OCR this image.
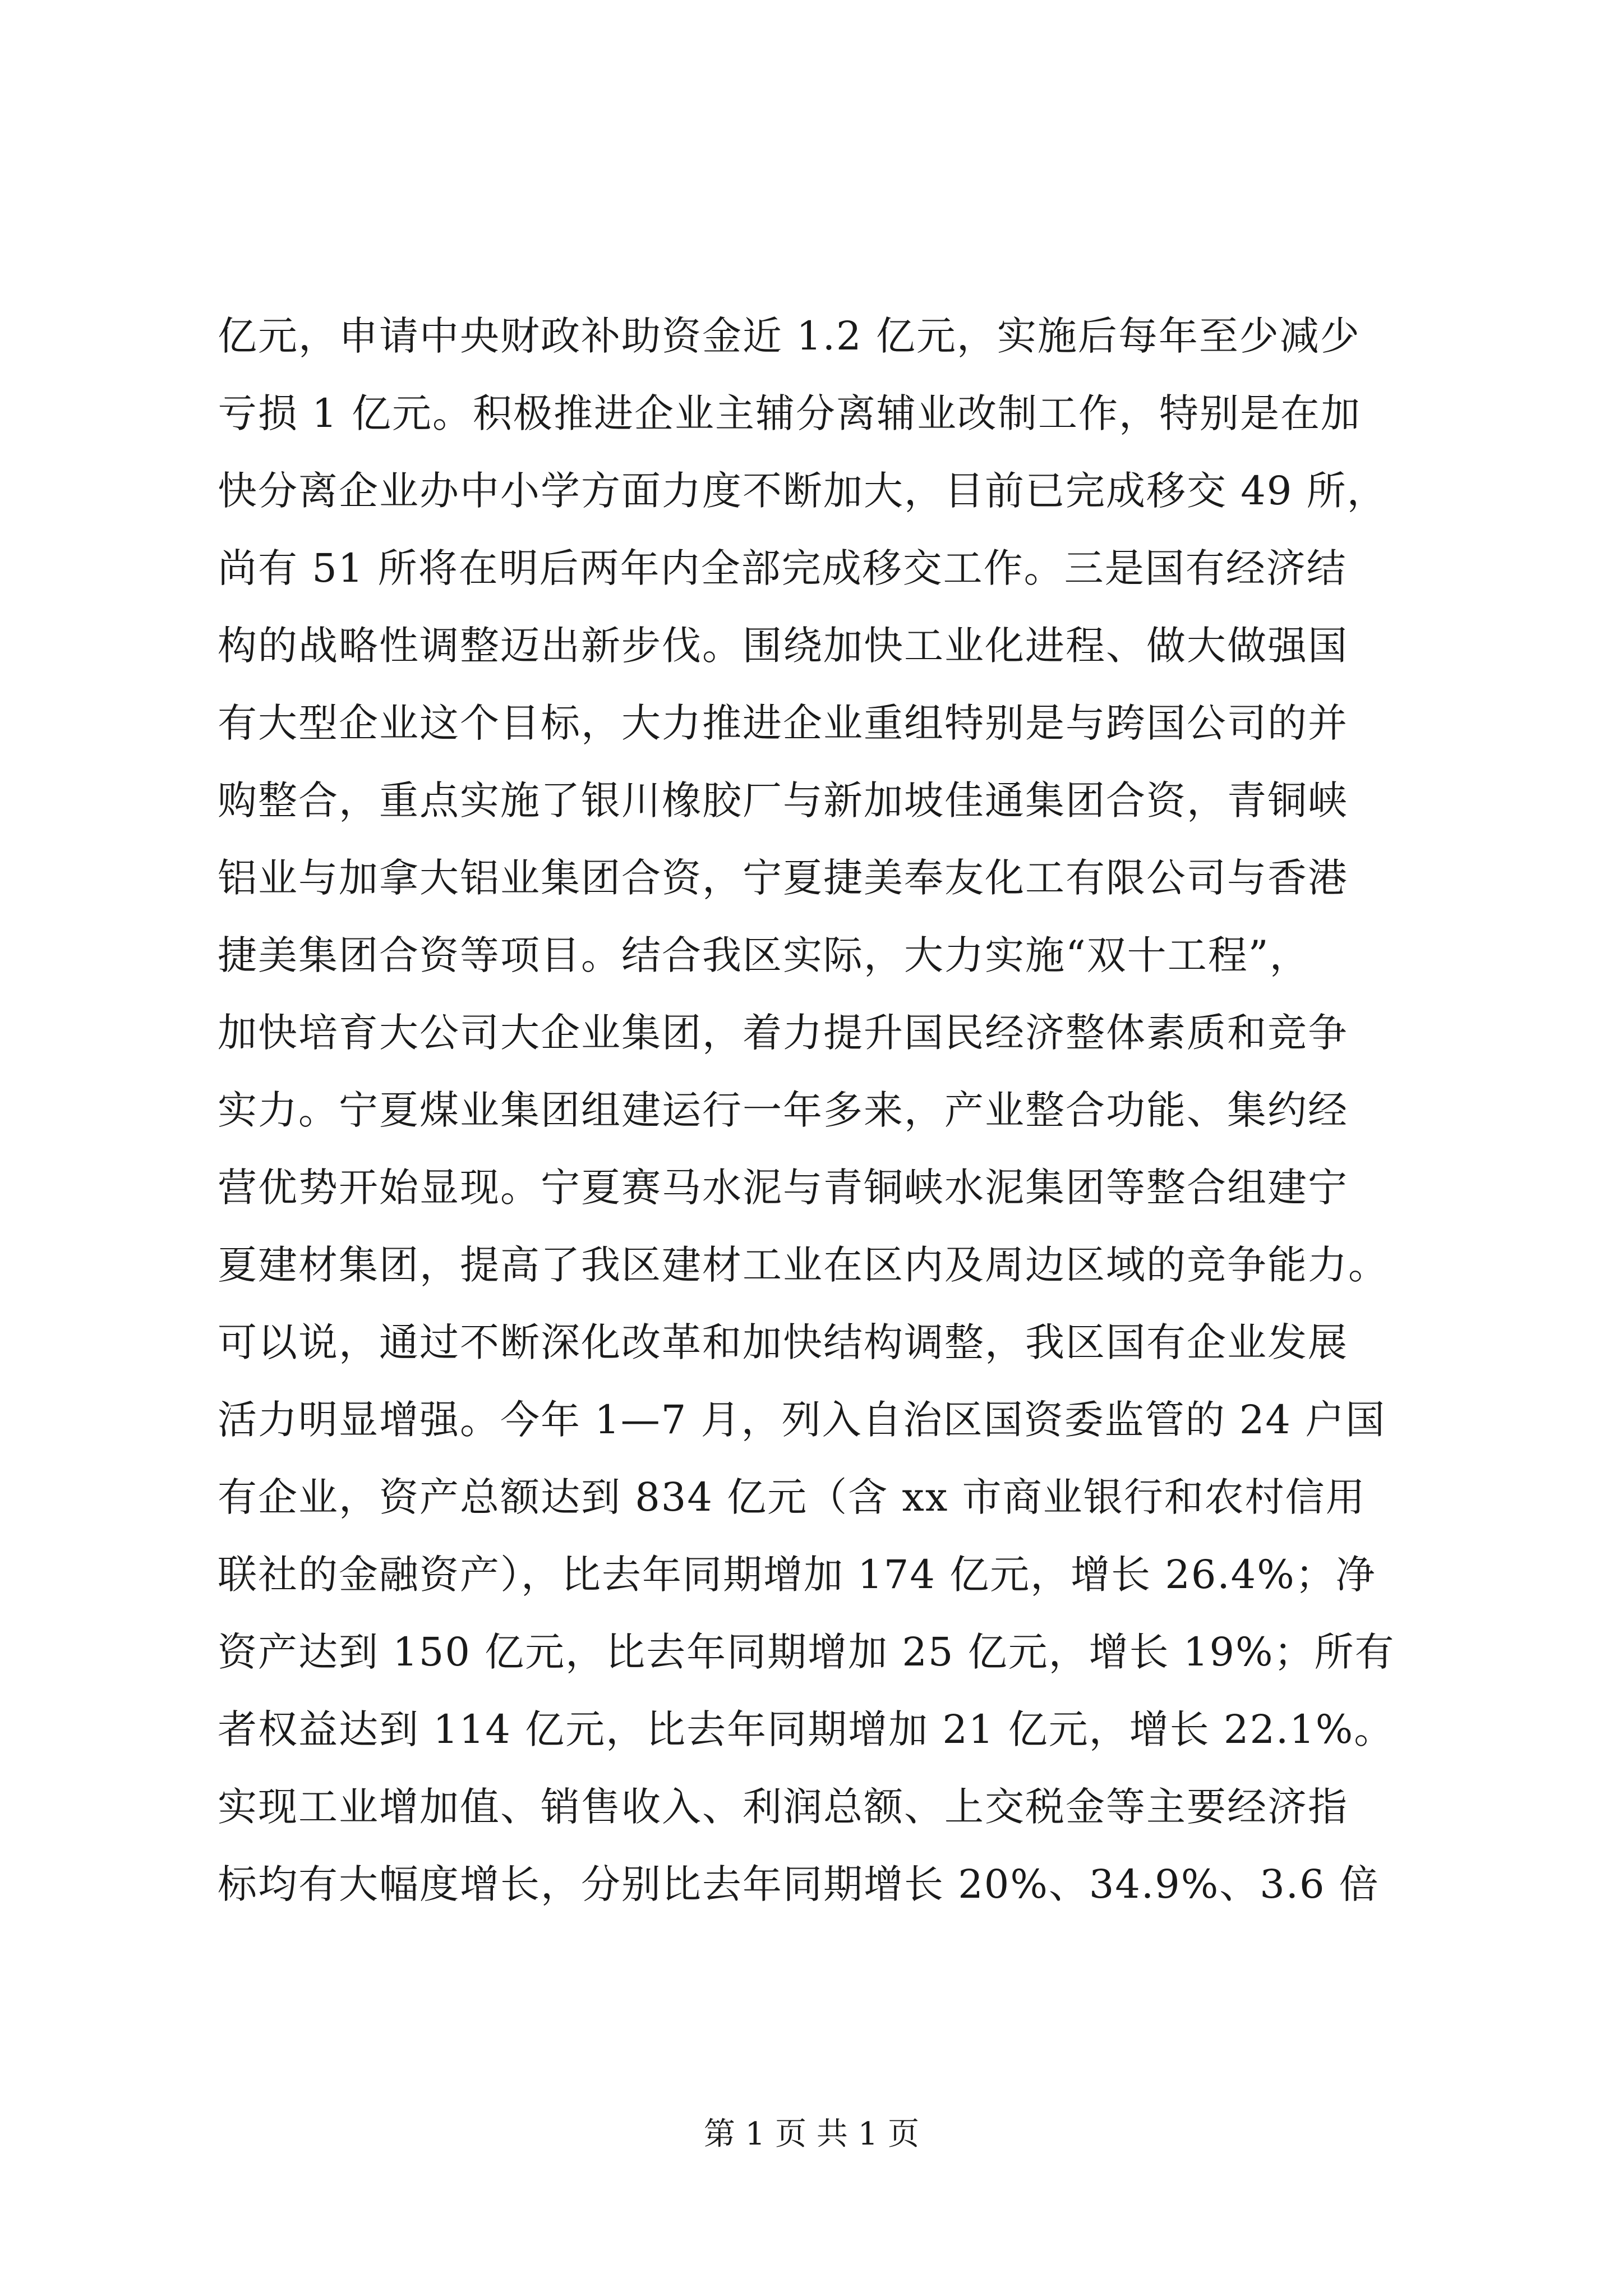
亿元，申请中央财政补助资金近 1.2 亿元，实施后每年至少减少
亏损 1 亿元。积极推进企业主辅分离辅业改制工作，特别是在加
快分离企业办中小学方面力度不断加大，目前已完成移交 49 所，
尚有 51 所将在明后两年内全部完成移交工作。三是国有经济结
构的战略性调整迈出新步伐。围绕加快工业化进程、做大做强国
有大型企业这个目标，大力推进企业重组特别是与跨国公司的并
购整合，重点实施了银川橡胶厂与新加坡佳通集团合资，青铜峡
铝业与加拿大铝业集团合资，宁夏捷美奉友化工有限公司与香港
捷美集团合资等项目。结合我区实际，大力实施“双十工程”，
加快培育大公司大企业集团，着力提升国民经济整体素质和竞争
实力。宁夏煤业集团组建运行一年多来，产业整合功能、集约经
营优势开始显现。宁夏赛马水泥与青铜峡水泥集团等整合组建宁
夏建材集团，提高了我区建材工业在区内及周边区域的竞争能力。
可以说，通过不断深化改革和加快结构调整，我区国有企业发展
活力明显增强。今年 1—7 月，列入自治区国资委监管的 24 户国
有企业，资产总额达到 834 亿元（含 xx 市商业银行和农村信用
联社的金融资产），比去年同期增加 174 亿元，增长 26.4%；净
资产达到 150 亿元，比去年同期增加 25 亿元，增长 19%；所有
者权益达到 114 亿元，比去年同期增加 21 亿元，增长 22.1%。
实现工业增加值、销售收入、利润总额、上交税金等主要经济指
标均有大幅度增长，分别比去年同期增长 20%、34.9%、3.6 倍
第 1 页 共 1 页
